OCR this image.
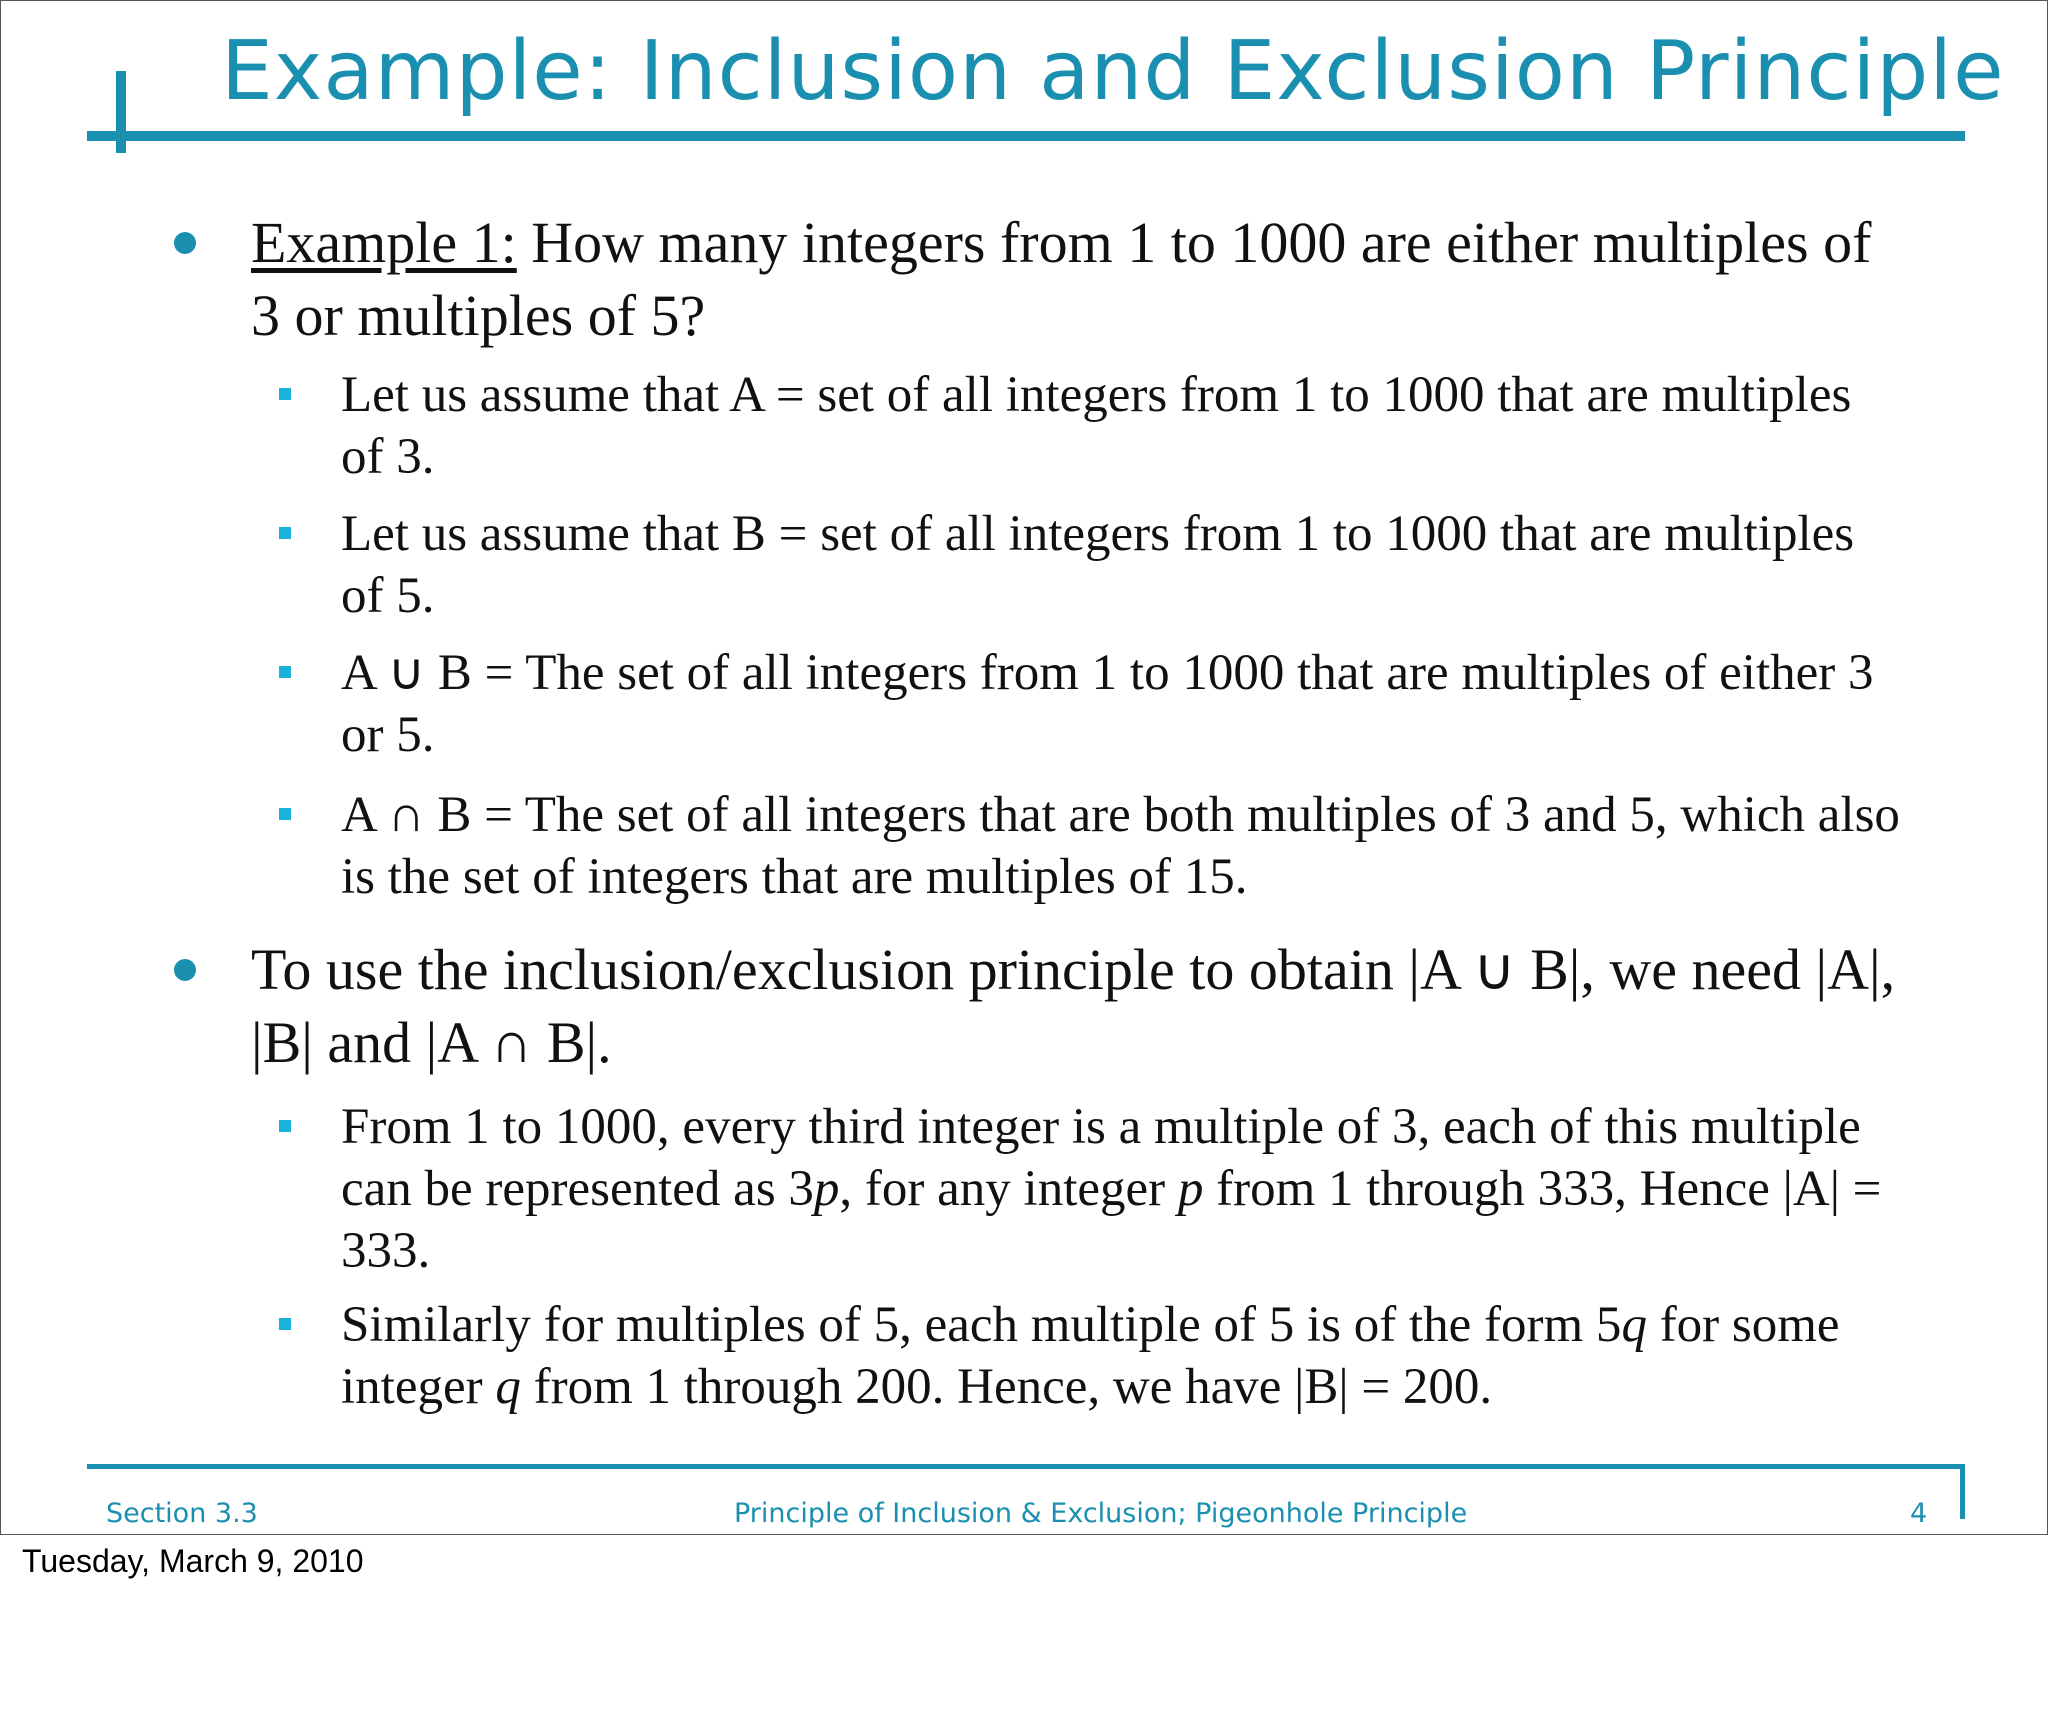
Example: Inclusion and Exclusion Principle
Example 1: How many integers from 1 to 1000 are either multiples of 3 or multiples of 5?
Let us assume that A = set of all integers from 1 to 1000 that are multiples of 3.
Let us assume that B = set of all integers from 1 to 1000 that are multiples of 5.
A ∪ B = The set of all integers from 1 to 1000 that are multiples of either 3 or 5.
A ∩ B = The set of all integers that are both multiples of 3 and 5, which also is the set of integers that are multiples of 15.
To use the inclusion/exclusion principle to obtain |A ∪ B|, we need |A|, |B| and |A ∩ B|.
From 1 to 1000, every third integer is a multiple of 3, each of this multiple can be represented as 3p, for any integer p from 1 through 333, Hence |A| = 333.
Similarly for multiples of 5, each multiple of 5 is of the form 5q for some integer q from 1 through 200. Hence, we have |B| = 200.
Section 3.3	Principle of Inclusion & Exclusion; Pigeonhole Principle	4
Tuesday, March 9, 2010
